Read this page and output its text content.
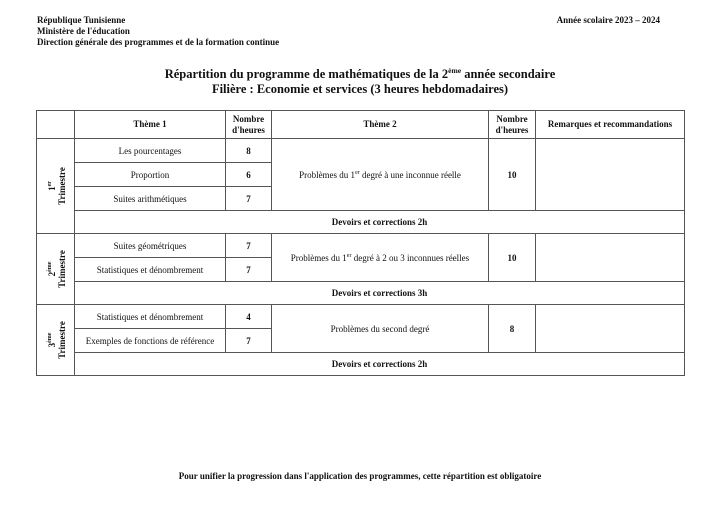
République Tunisienne
Ministère de l'éducation
Direction générale des programmes et de la formation continue
Année scolaire 2023 – 2024
Répartition du programme de mathématiques de la 2ème année secondaire
Filière : Economie et services (3 heures hebdomadaires)
	Thème 1	Nombre d'heures	Thème 2	Nombre d'heures	Remarques et recommandations
1er Trimestre	Les pourcentages	8	Problèmes du 1er degré à une inconnue réelle	10	
	Proportion	6			
	Suites arithmétiques	7			
	Devoirs et corrections 2h				
2ème Trimestre	Suites géométriques	7	Problèmes du 1er degré à 2 ou 3 inconnues réelles	10	
	Statistiques et dénombrement	7			
	Devoirs et corrections 3h				
3ème Trimestre	Statistiques et dénombrement	4	Problèmes du second degré	8	
	Exemples de fonctions de référence	7			
	Devoirs et corrections 2h				
Pour unifier la progression dans l'application des programmes, cette répartition est obligatoire
